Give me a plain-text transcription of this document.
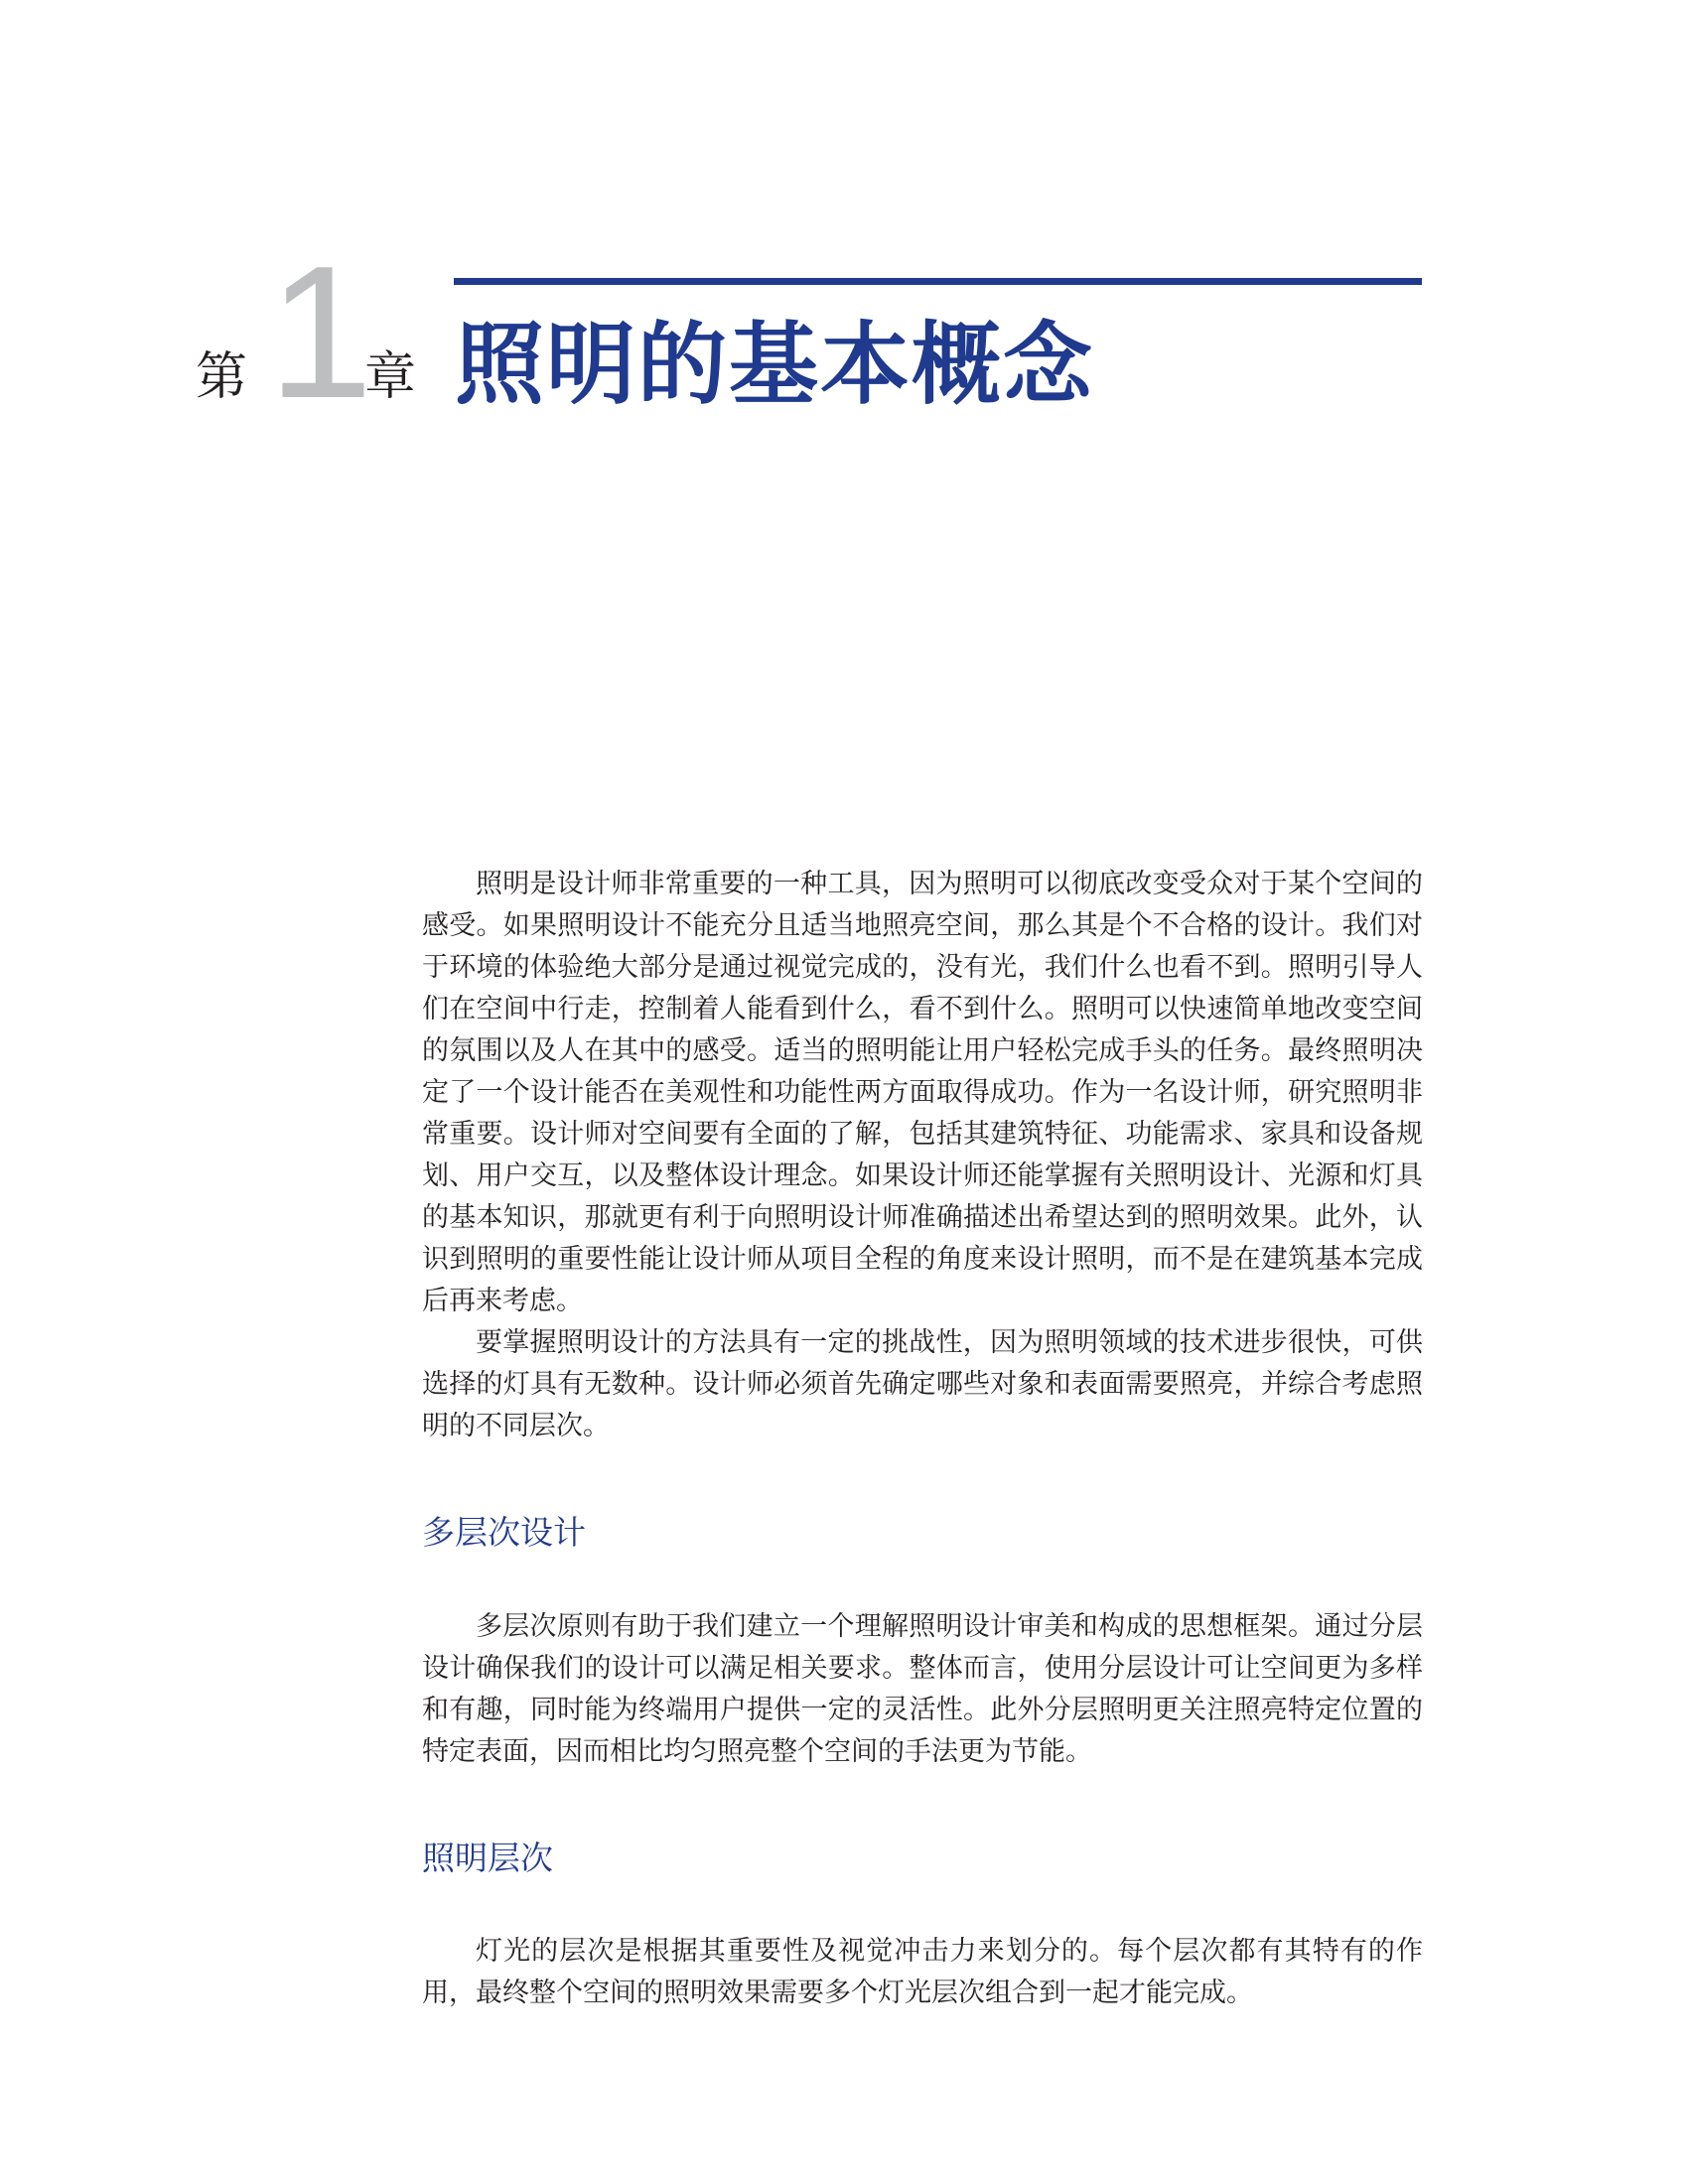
第 1
章 照明的基本概念

照明是设计师非常重要的一种工具，因为照明可以彻底改变受众对于某个空间的感受。如果照明设计不能充分且适当地照亮空间，那么其是个不合格的设计。我们对于环境的体验绝大部分是通过视觉完成的，没有光，我们什么也看不到。照明引导人们在空间中行走，控制着人能看到什么，看不到什么。照明可以快速简单地改变空间的氛围以及人在其中的感受。适当的照明能让用户轻松完成手头的任务。最终照明决定了一个设计能否在美观性和功能性两方面取得成功。作为一名设计师，研究照明非常重要。设计师对空间要有全面的了解，包括其建筑特征、功能需求、家具和设备规划、用户交互，以及整体设计理念。如果设计师还能掌握有关照明设计、光源和灯具的基本知识，那就更有利于向照明设计师准确描述出希望达到的照明效果。此外，认识到照明的重要性能让设计师从项目全程的角度来设计照明，而不是在建筑基本完成后再来考虑。

要掌握照明设计的方法具有一定的挑战性，因为照明领域的技术进步很快，可供选择的灯具有无数种。设计师必须首先确定哪些对象和表面需要照亮，并综合考虑照明的不同层次。

多层次设计

多层次原则有助于我们建立一个理解照明设计审美和构成的思想框架。通过分层设计确保我们的设计可以满足相关要求。整体而言，使用分层设计可让空间更为多样和有趣，同时能为终端用户提供一定的灵活性。此外分层照明更关注照亮特定位置的特定表面，因而相比均匀照亮整个空间的手法更为节能。

照明层次

灯光的层次是根据其重要性及视觉冲击力来划分的。每个层次都有其特有的作用，最终整个空间的照明效果需要多个灯光层次组合到一起才能完成。
